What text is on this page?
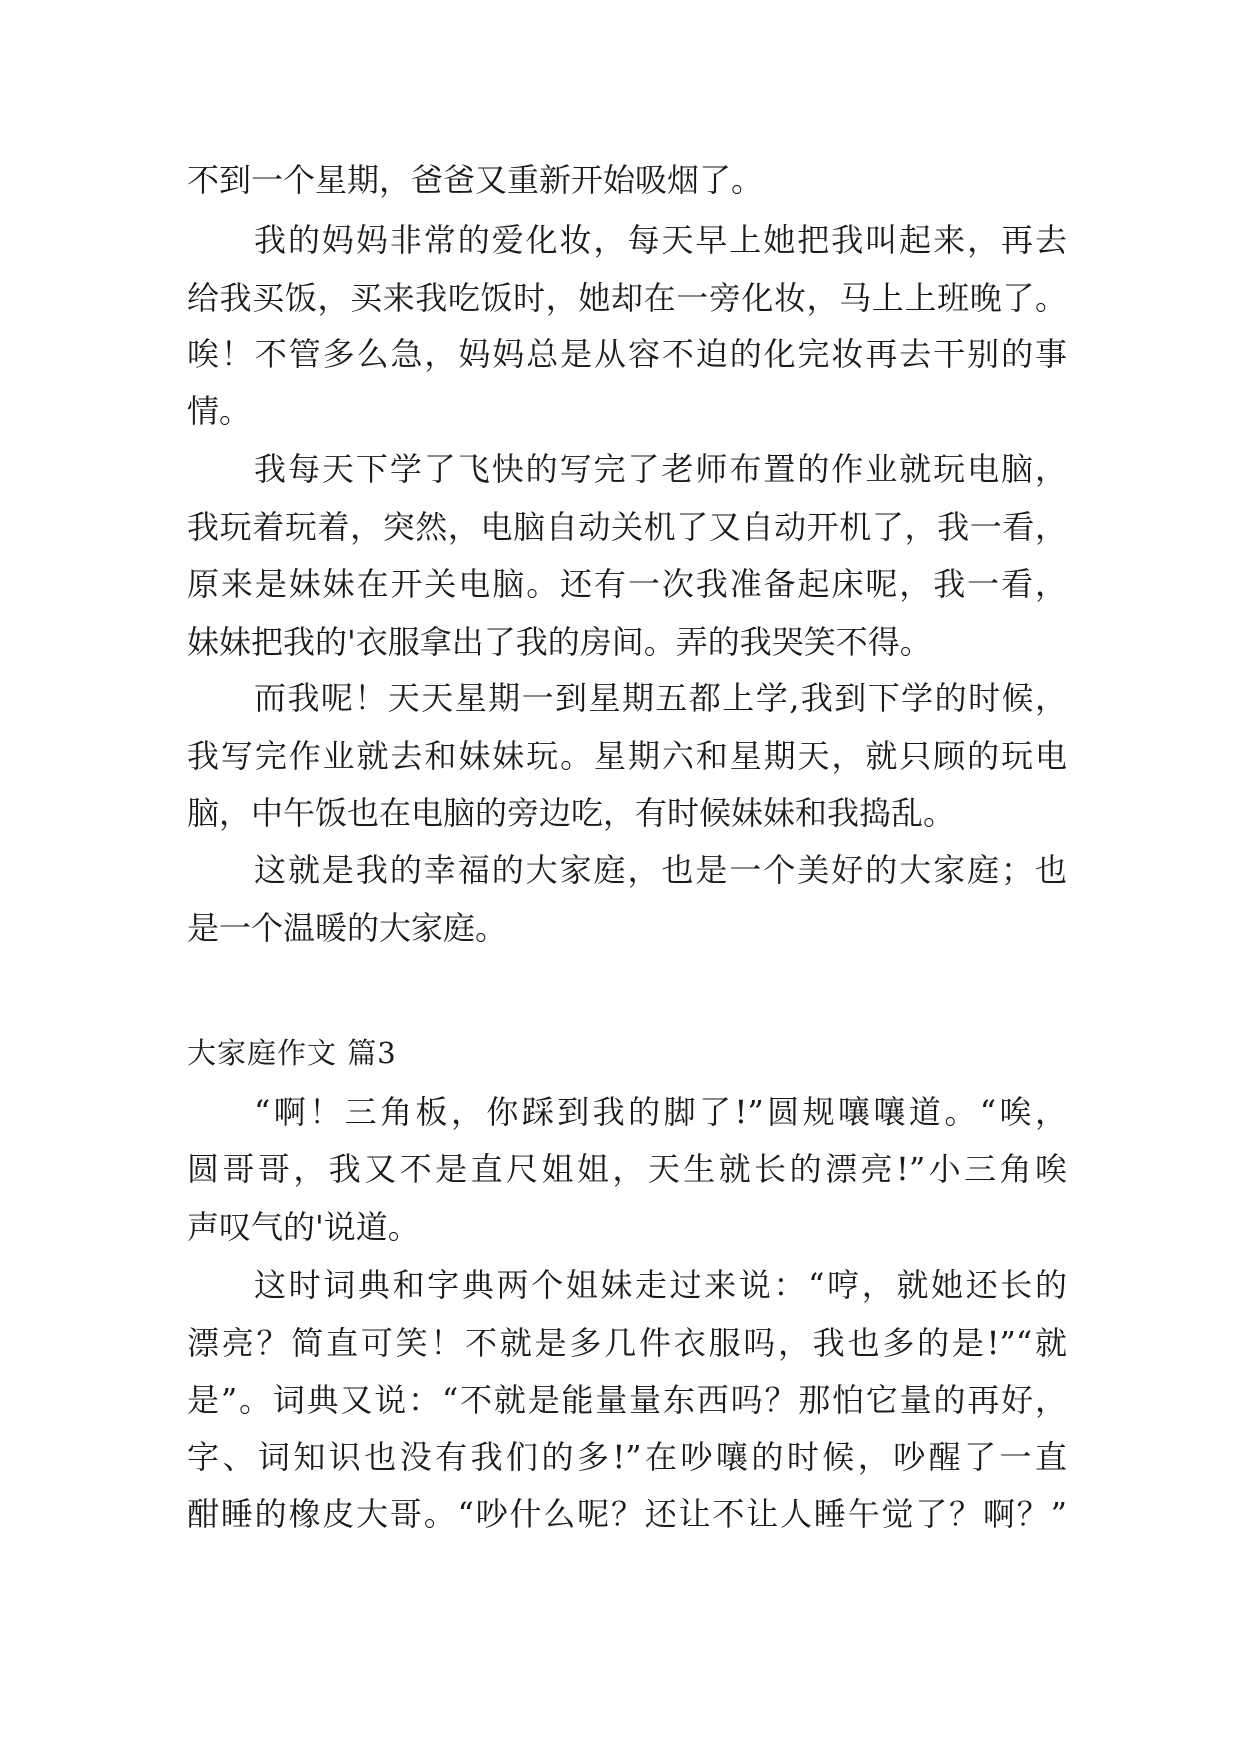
不到一个星期，爸爸又重新开始吸烟了。
我的妈妈非常的爱化妆，每天早上她把我叫起来，再去
给我买饭，买来我吃饭时，她却在一旁化妆，马上上班晚了。
唉！不管多么急，妈妈总是从容不迫的化完妆再去干别的事
情。
我每天下学了飞快的写完了老师布置的作业就玩电脑，
我玩着玩着，突然，电脑自动关机了又自动开机了，我一看，
原来是妹妹在开关电脑。还有一次我准备起床呢，我一看，
妹妹把我的'衣服拿出了我的房间。弄的我哭笑不得。
而我呢！天天星期一到星期五都上学,我到下学的时候，
我写完作业就去和妹妹玩。星期六和星期天，就只顾的玩电
脑，中午饭也在电脑的旁边吃，有时候妹妹和我捣乱。
这就是我的幸福的大家庭，也是一个美好的大家庭；也
是一个温暖的大家庭。
大家庭作文 篇3
“啊！三角板，你踩到我的脚了!”圆规嚷嚷道。“唉，
圆哥哥，我又不是直尺姐姐，天生就长的漂亮!”小三角唉
声叹气的'说道。
这时词典和字典两个姐妹走过来说：“哼，就她还长的
漂亮？简直可笑！不就是多几件衣服吗，我也多的是!”“就
是”。词典又说：“不就是能量量东西吗？那怕它量的再好，
字、词知识也没有我们的多!”在吵嚷的时候，吵醒了一直
酣睡的橡皮大哥。“吵什么呢？还让不让人睡午觉了？啊？”
